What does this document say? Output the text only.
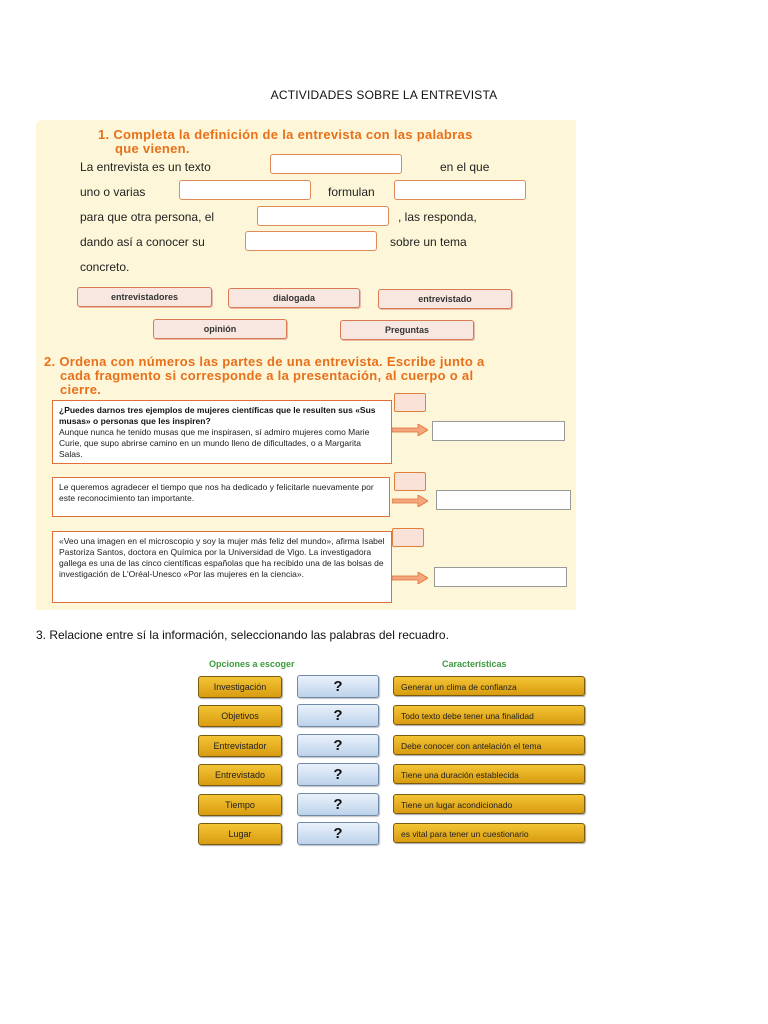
ACTIVIDADES SOBRE LA ENTREVISTA
1. Completa la definición de la entrevista con las palabras
que vienen.
La entrevista es un texto	en el que
uno o varias	formulan
para que otra persona, el	, las responda,
dando así a conocer su	sobre un tema
concreto.
entrevistadores	dialogada	entrevistado
opinión	Preguntas
2. Ordena con números las partes de una entrevista. Escribe junto a
cada fragmento si corresponde a la presentación, al cuerpo o al
cierre.
¿Puedes darnos tres ejemplos de mujeres científicas que le resulten sus «Sus musas» o personas que les inspiren?
Aunque nunca he tenido musas que me inspirasen, sí admiro mujeres como Marie Curie, que supo abrirse camino en un mundo lleno de dificultades, o a Margarita Salas.
Le queremos agradecer el tiempo que nos ha dedicado y felicitarle nuevamente por este reconocimiento tan importante.
«Veo una imagen en el microscopio y soy la mujer más feliz del mundo», afirma Isabel Pastoriza Santos, doctora en Química por la Universidad de Vigo. La investigadora gallega es una de las cinco científicas españolas que ha recibido una de las bolsas de investigación de L'Oréal-Unesco «Por las mujeres en la ciencia».
3. Relacione entre sí la información, seleccionando las palabras del recuadro.
Opciones a escoger	Características
Investigación	?	Generar un clima de confianza
Objetivos	?	Todo texto debe tener una finalidad
Entrevistador	?	Debe conocer con antelación el tema
Entrevistado	?	Tiene una duración establecida
Tiempo	?	Tiene un lugar acondicionado
Lugar	?	es vital para tener un cuestionario
